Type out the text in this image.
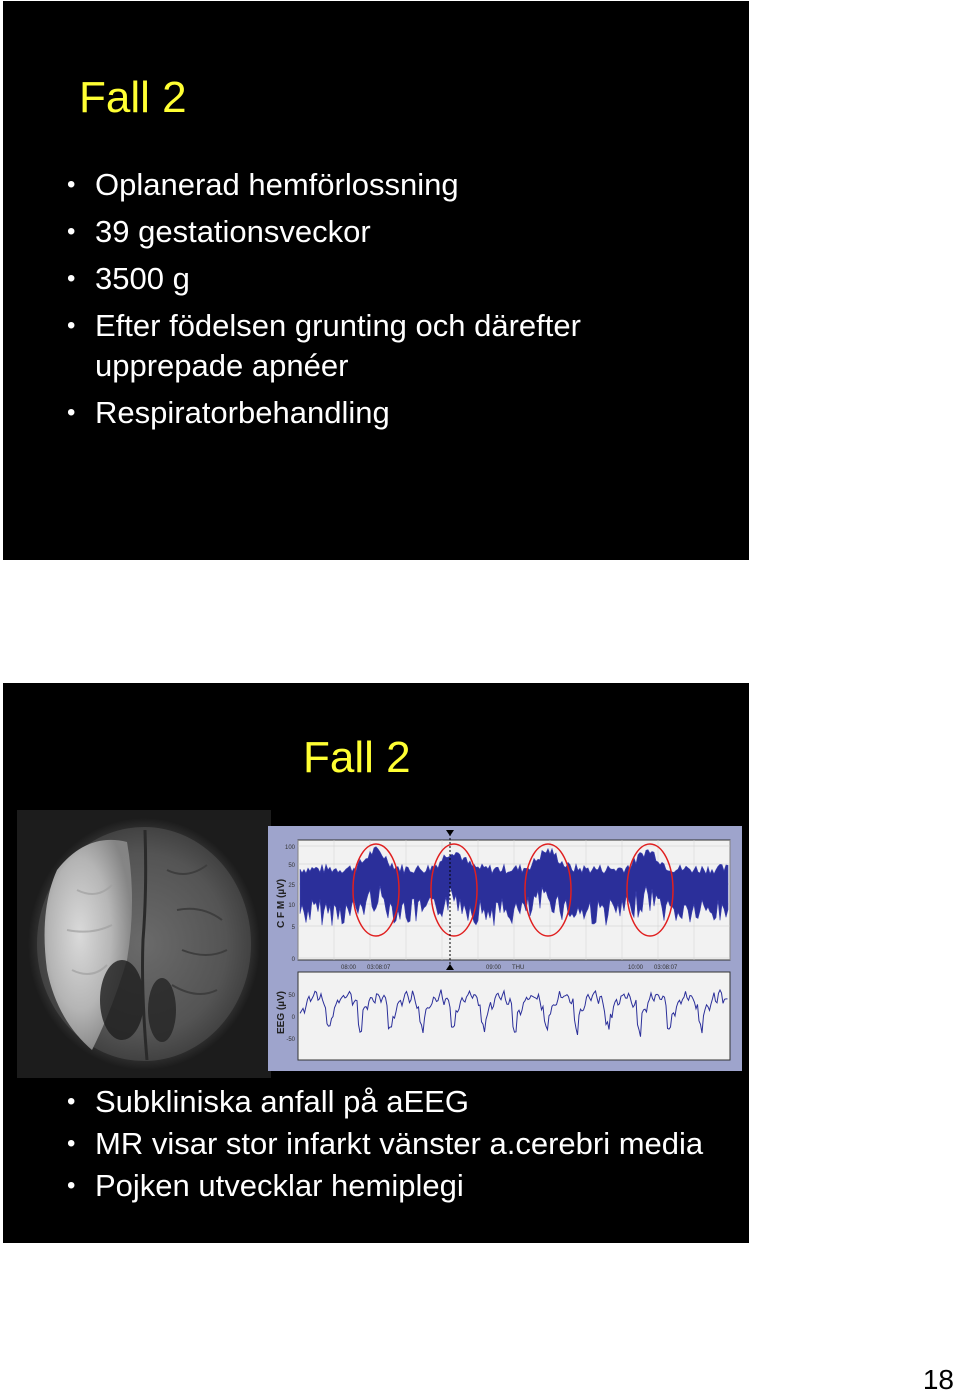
Fall 2
• Oplanerad hemförlossning
• 39 gestationsveckor
• 3500 g
• Efter födelsen grunting och därefter upprepade apnéer
• Respiratorbehandling
Fall 2
C F M (µV)
100
50
25
10
5
0
08:00 03:08:07	09:00 THU	10:00 03:08:07
EEG (µV) 50
0
-50
• Subkliniska anfall på aEEG
• MR visar stor infarkt vänster a.cerebri media
• Pojken utvecklar hemiplegi
18
